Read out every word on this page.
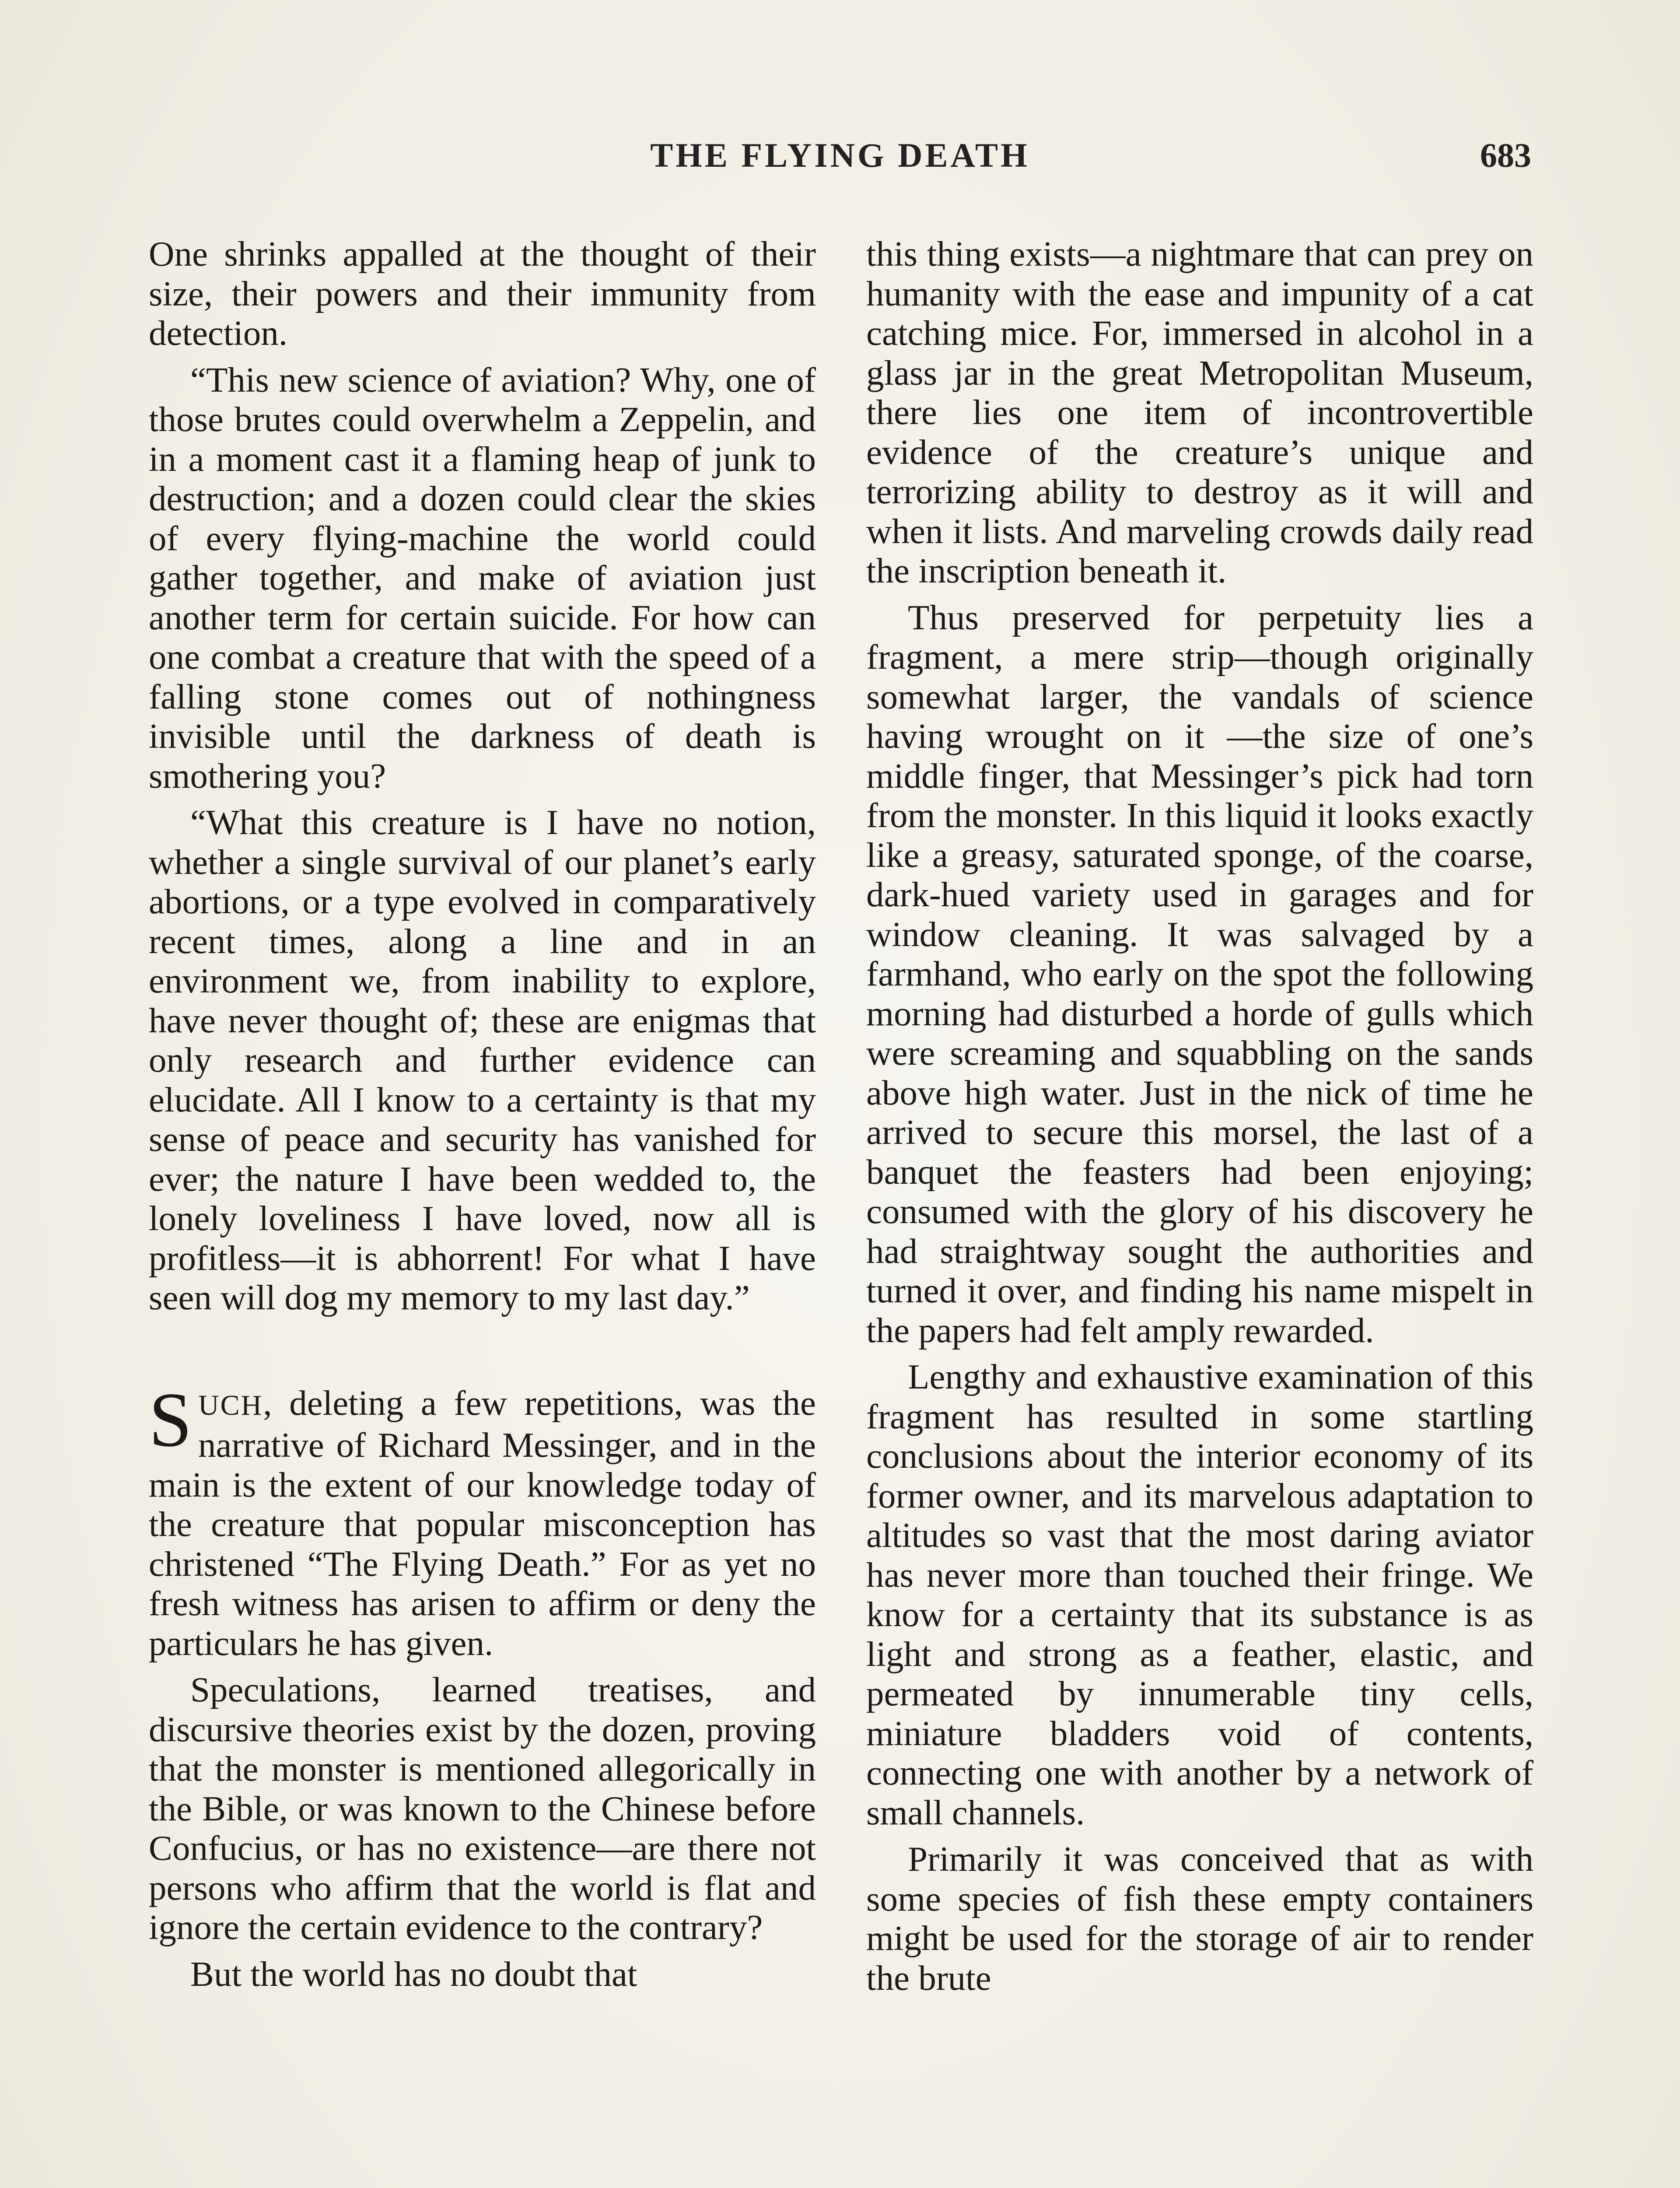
THE FLYING DEATH	683

One shrinks appalled at the thought of their size, their powers and their immunity from detection.

“This new science of aviation? Why, one of those brutes could overwhelm a Zeppelin, and in a moment cast it a flaming heap of junk to destruction; and a dozen could clear the skies of every flying-machine the world could gather together, and make of aviation just another term for certain suicide. For how can one combat a creature that with the speed of a falling stone comes out of nothingness invisible until the darkness of death is smothering you?

“What this creature is I have no notion, whether a single survival of our planet’s early abortions, or a type evolved in comparatively recent times, along a line and in an environment we, from inability to explore, have never thought of; these are enigmas that only research and further evidence can elucidate. All I know to a certainty is that my sense of peace and security has vanished for ever; the nature I have been wedded to, the lonely loveliness I have loved, now all is profitless—it is abhorrent! For what I have seen will dog my memory to my last day.”

SUCH, deleting a few repetitions, was the narrative of Richard Messinger, and in the main is the extent of our knowledge today of the creature that popular misconception has christened “The Flying Death.” For as yet no fresh witness has arisen to affirm or deny the particulars he has given.

Speculations, learned treatises, and discursive theories exist by the dozen, proving that the monster is mentioned allegorically in the Bible, or was known to the Chinese before Confucius, or has no existence—are there not persons who affirm that the world is flat and ignore the certain evidence to the contrary?

But the world has no doubt that

this thing exists—a nightmare that can prey on humanity with the ease and impunity of a cat catching mice. For, immersed in alcohol in a glass jar in the great Metropolitan Museum, there lies one item of incontrovertible evidence of the creature’s unique and terrorizing ability to destroy as it will and when it lists. And marveling crowds daily read the inscription beneath it.

Thus preserved for perpetuity lies a fragment, a mere strip—though originally somewhat larger, the vandals of science having wrought on it —the size of one’s middle finger, that Messinger’s pick had torn from the monster. In this liquid it looks exactly like a greasy, saturated sponge, of the coarse, dark-hued variety used in garages and for window cleaning. It was salvaged by a farmhand, who early on the spot the following morning had disturbed a horde of gulls which were screaming and squabbling on the sands above high water. Just in the nick of time he arrived to secure this morsel, the last of a banquet the feasters had been enjoying; consumed with the glory of his discovery he had straightway sought the authorities and turned it over, and finding his name mispelt in the papers had felt amply rewarded.

Lengthy and exhaustive examination of this fragment has resulted in some startling conclusions about the interior economy of its former owner, and its marvelous adaptation to altitudes so vast that the most daring aviator has never more than touched their fringe. We know for a certainty that its substance is as light and strong as a feather, elastic, and permeated by innumerable tiny cells, miniature bladders void of contents, connecting one with another by a network of small channels.

Primarily it was conceived that as with some species of fish these empty containers might be used for the storage of air to render the brute
